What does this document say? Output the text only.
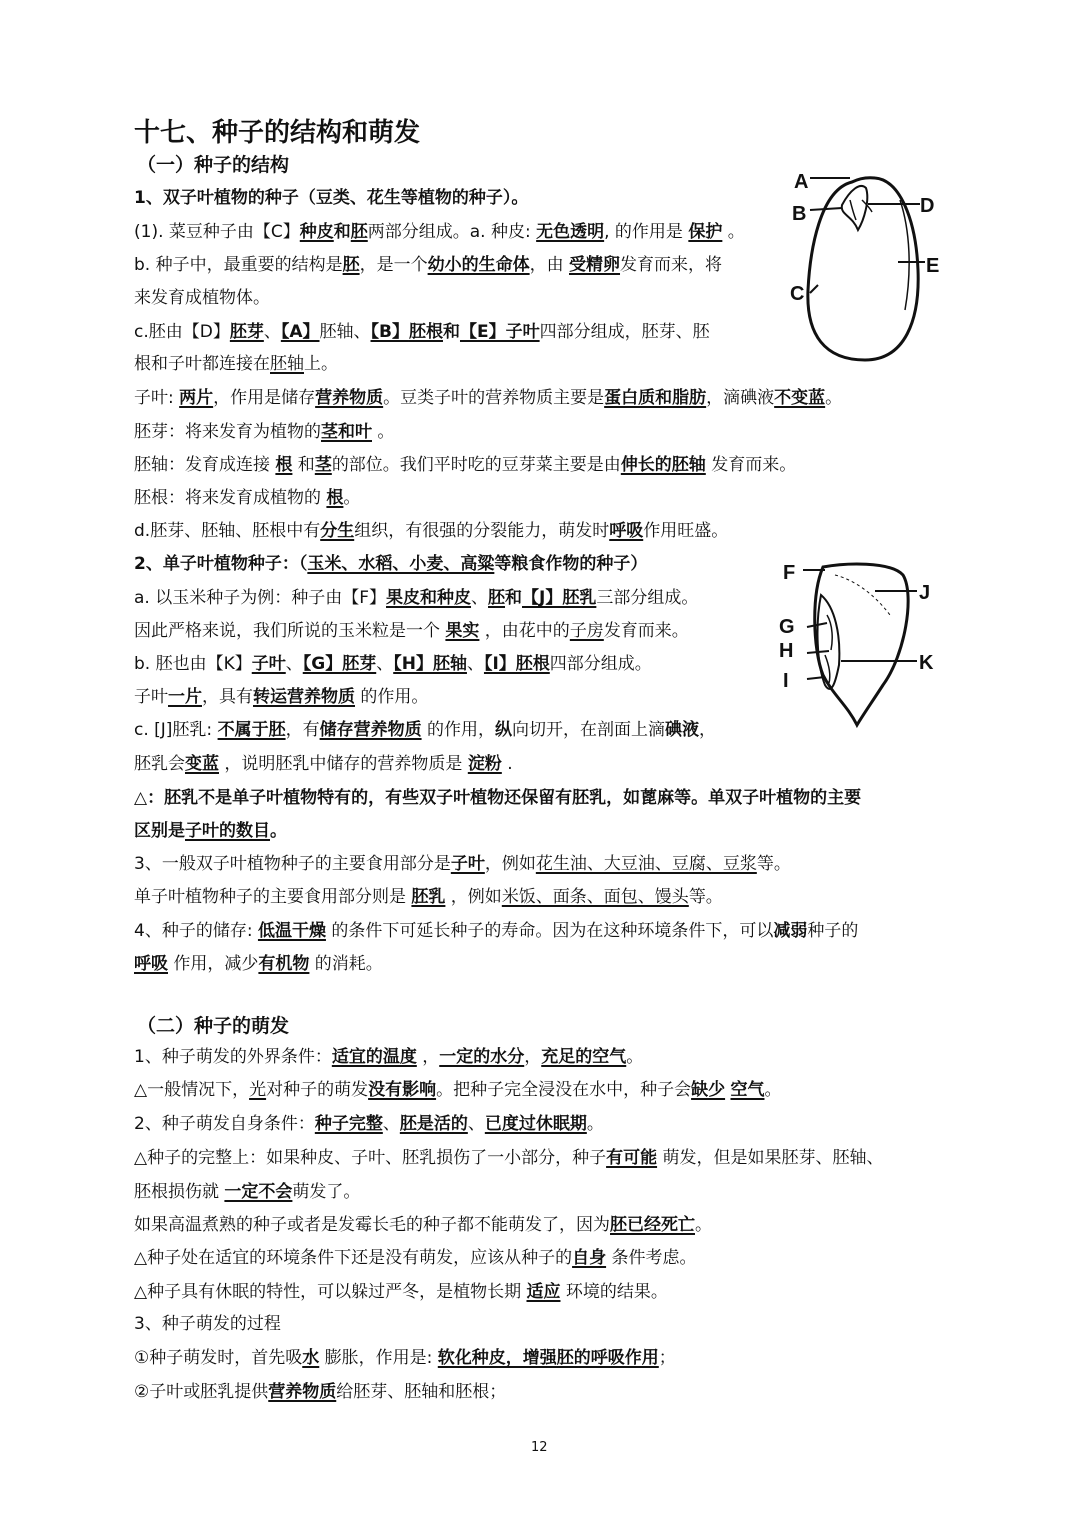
十七、种子的结构和萌发
（一）种子的结构
（二）种子的萌发
1、双子叶植物的种子（豆类、花生等植物的种子）。
(1). 菜豆种子由【C】种皮和胚两部分组成。a. 种皮: 无色透明, 的作用是 保护 。
b. 种子中，最重要的结构是胚，是一个幼小的生命体，由 受精卵发育而来，将
来发育成植物体。
c.胚由【D】胚芽、【A】胚轴、【B】胚根和【E】子叶四部分组成，胚芽、胚
根和子叶都连接在胚轴上。
子叶: 两片，作用是储存营养物质。豆类子叶的营养物质主要是蛋白质和脂肪，滴碘液不变蓝。
胚芽：将来发育为植物的茎和叶 。
胚轴：发育成连接 根 和茎的部位。我们平时吃的豆芽菜主要是由伸长的胚轴 发育而来。
胚根：将来发育成植物的 根。
d.胚芽、胚轴、胚根中有分生组织，有很强的分裂能力，萌发时呼吸作用旺盛。
2、单子叶植物种子：（玉米、水稻、小麦、高粱等粮食作物的种子）
a. 以玉米种子为例：种子由【F】果皮和种皮、胚和【J】胚乳三部分组成。
因此严格来说，我们所说的玉米粒是一个 果实 ，由花中的子房发育而来。
b. 胚也由【K】子叶、【G】胚芽、【H】胚轴、【I】胚根四部分组成。
子叶一片，具有转运营养物质 的作用。
c. [J]胚乳: 不属于胚，有储存营养物质 的作用，纵向切开，在剖面上滴碘液，
胚乳会变蓝 ，说明胚乳中储存的营养物质是 淀粉 .
△：胚乳不是单子叶植物特有的，有些双子叶植物还保留有胚乳，如蓖麻等。单双子叶植物的主要
区别是子叶的数目。
3、一般双子叶植物种子的主要食用部分是子叶，例如花生油、大豆油、豆腐、豆浆等。
单子叶植物种子的主要食用部分则是 胚乳 ，例如米饭、面条、面包、馒头等。
4、种子的储存: 低温干燥 的条件下可延长种子的寿命。因为在这种环境条件下，可以减弱种子的
呼吸 作用，减少有机物 的消耗。
1、种子萌发的外界条件：适宜的温度 ，一定的水分，充足的空气。
△一般情况下，光对种子的萌发没有影响。把种子完全浸没在水中，种子会缺少 空气。
2、种子萌发自身条件：种子完整、胚是活的、已度过休眠期。
△种子的完整上：如果种皮、子叶、胚乳损伤了一小部分，种子有可能 萌发，但是如果胚芽、胚轴、
胚根损伤就 一定不会萌发了。
如果高温煮熟的种子或者是发霉长毛的种子都不能萌发了，因为胚已经死亡。
△种子处在适宜的环境条件下还是没有萌发，应该从种子的自身 条件考虑。
△种子具有休眠的特性，可以躲过严冬，是植物长期 适应 环境的结果。
3、种子萌发的过程
①种子萌发时，首先吸水 膨胀，作用是: 软化种皮，增强胚的呼吸作用；
②子叶或胚乳提供营养物质给胚芽、胚轴和胚根；
A
B
C
D
E
F
J
G
H
K
I
12
